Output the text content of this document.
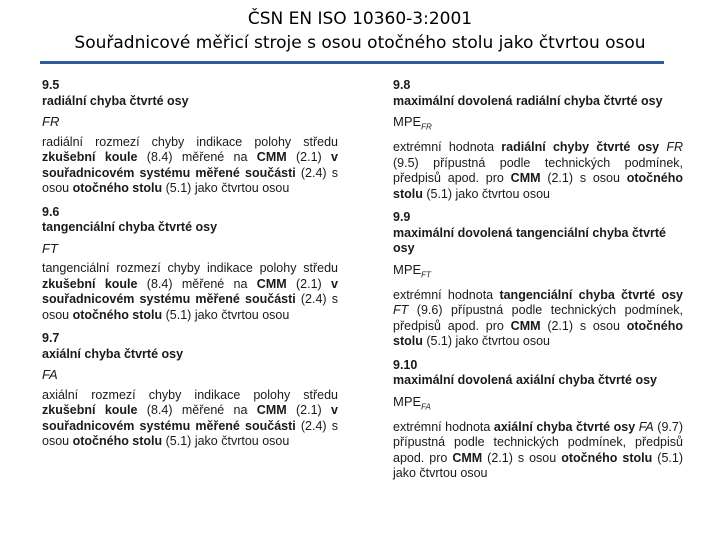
ČSN EN ISO 10360-3:2001
Souřadnicové měřicí stroje s osou otočného stolu jako čtvrtou osou
9.5
radiální chyba čtvrté osy
FR
radiální rozmezí chyby indikace polohy středu zkušební koule (8.4) měřené na CMM (2.1) v souřadnicovém systému měřené součásti (2.4) s osou otočného stolu (5.1) jako čtvrtou osou
9.6
tangenciální chyba čtvrté osy
FT
tangenciální rozmezí chyby indikace polohy středu zkušební koule (8.4) měřené na CMM (2.1) v souřadnicovém systému měřené součásti (2.4) s osou otočného stolu (5.1) jako čtvrtou osou
9.7
axiální chyba čtvrté osy
FA
axiální rozmezí chyby indikace polohy středu zkušební koule (8.4) měřené na CMM (2.1) v souřadnicovém systému měřené součásti (2.4) s osou otočného stolu (5.1) jako čtvrtou osou
9.8
maximální dovolená radiální chyba čtvrté osy
$MPE_{FR}$
extrémní hodnota radiální chyby čtvrté osy FR (9.5) přípustná podle technických podmínek, předpisů apod. pro CMM (2.1) s osou otočného stolu (5.1) jako čtvrtou osou
9.9
maximální dovolená tangenciální chyba čtvrté osy
$MPE_{FT}$
extrémní hodnota tangenciální chyba čtvrté osy FT (9.6) přípustná podle technických podmínek, předpisů apod. pro CMM (2.1) s osou otočného stolu (5.1) jako čtvrtou osou
9.10
maximální dovolená axiální chyba čtvrté osy
$MPE_{FA}$
extrémní hodnota axiální chyba čtvrté osy FA (9.7) přípustná podle technických podmínek, předpisů apod. pro CMM (2.1) s osou otočného stolu (5.1) jako čtvrtou osou
